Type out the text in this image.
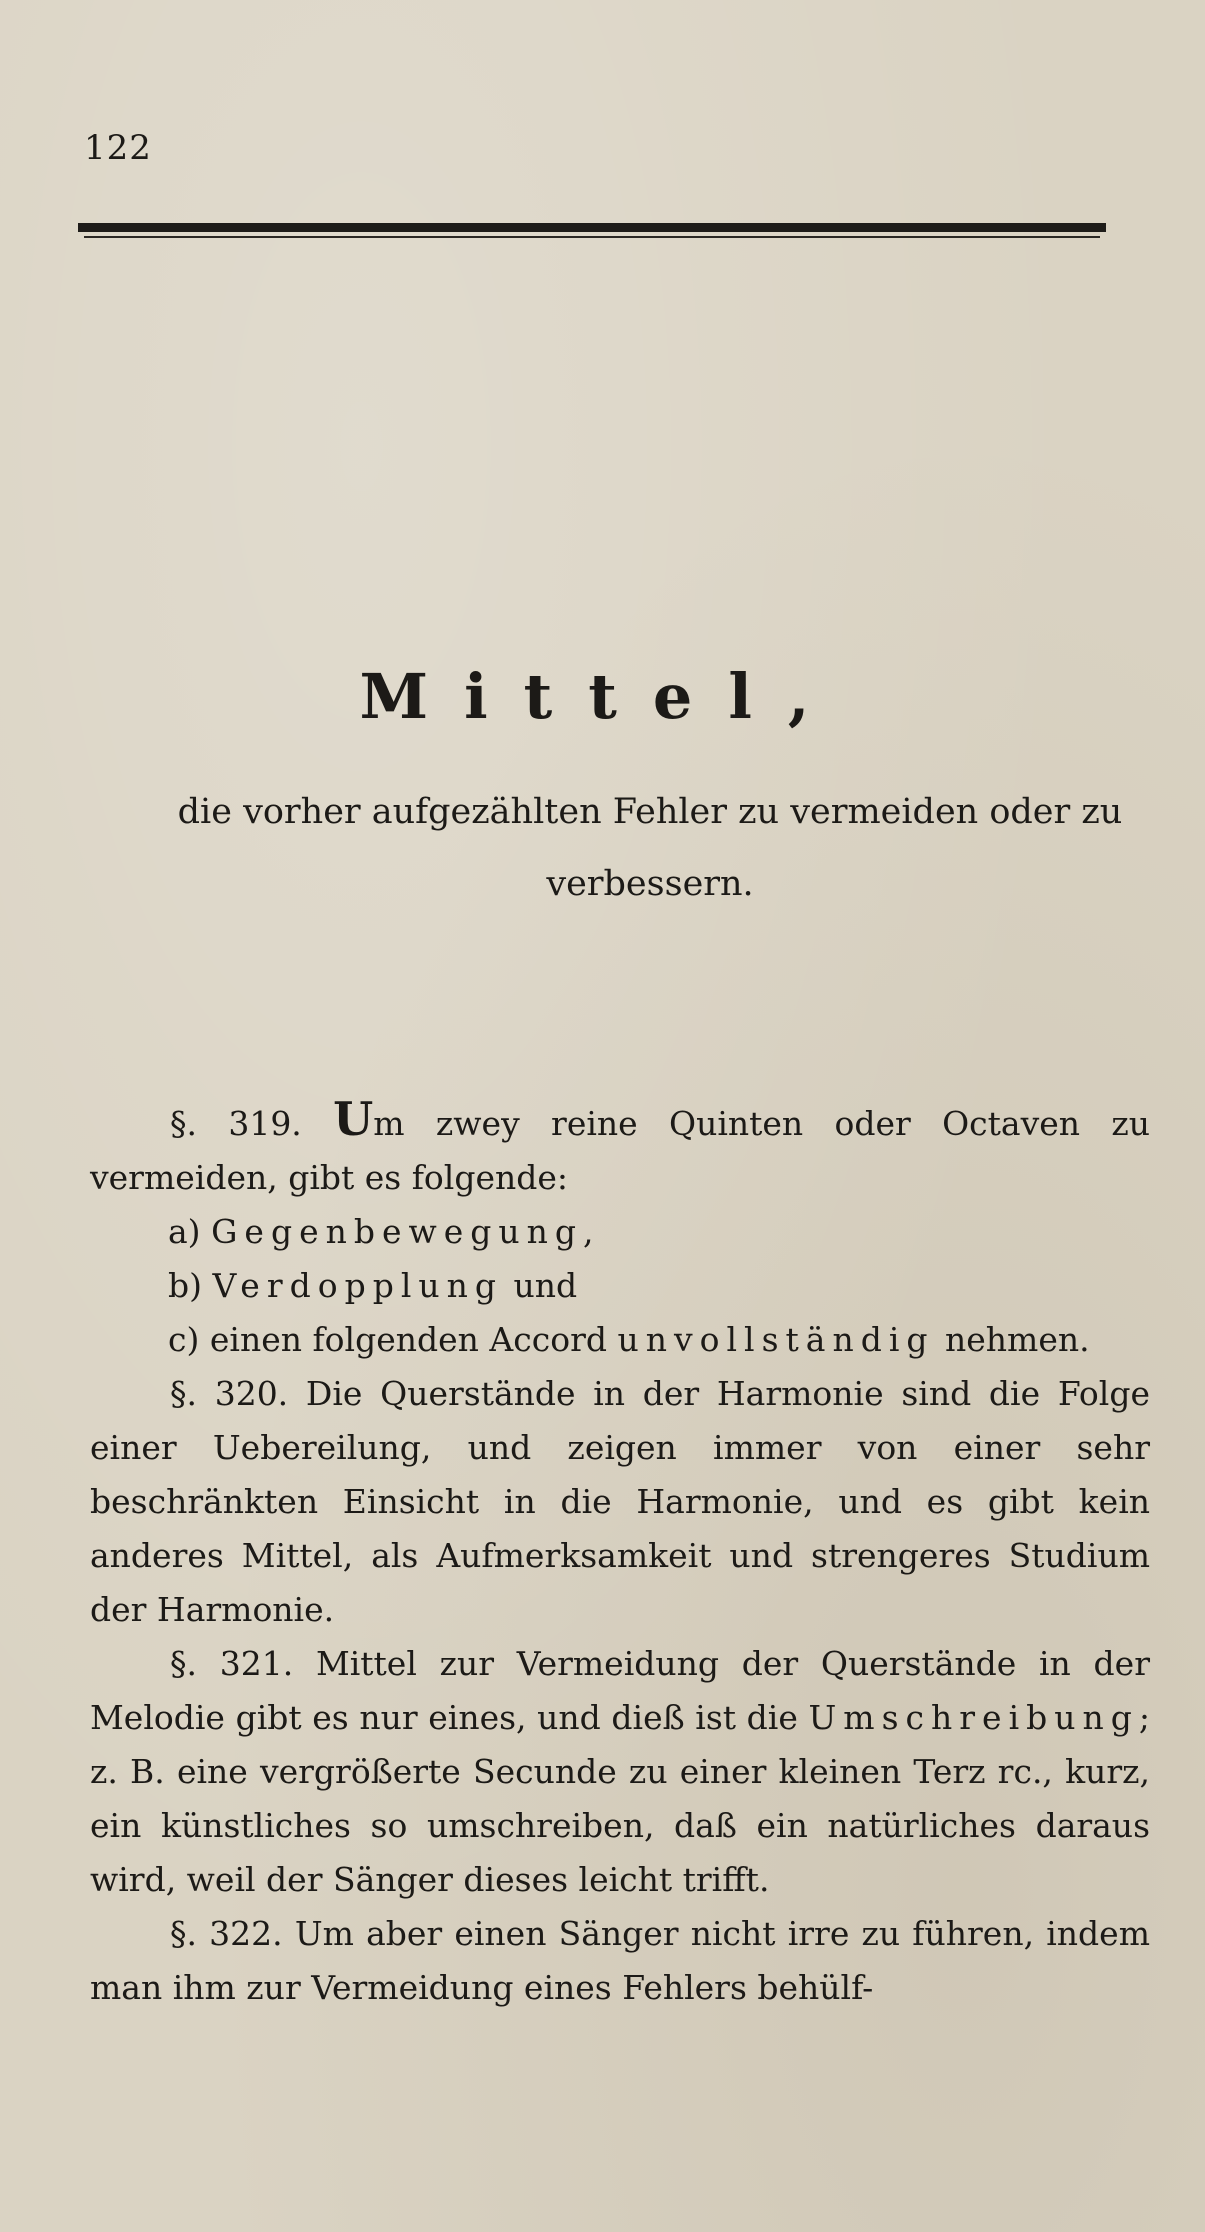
122
Mittel,
die vorher aufgezählten Fehler zu vermeiden oder zu verbessern.

§. 319. Um zwey reine Quinten oder Octaven zu vermeiden, gibt es folgende:

a) Gegenbewegung,

b) Verdopplung und

c) einen folgenden Accord unvollständig nehmen.

§. 320. Die Querstände in der Harmonie sind die Folge einer Uebereilung, und zeigen immer von einer sehr beschränkten Einsicht in die Harmonie, und es gibt kein anderes Mittel, als Aufmerksamkeit und strengeres Studium der Harmonie.

§. 321. Mittel zur Vermeidung der Querstände in der Melodie gibt es nur eines, und dieß ist die Umschreibung; z. B. eine vergrößerte Secunde zu einer kleinen Terz rc., kurz, ein künstliches so umschreiben, daß ein natürliches daraus wird, weil der Sänger dieses leicht trifft.

§. 322. Um aber einen Sänger nicht irre zu führen, indem man ihm zur Vermeidung eines Fehlers behülf-
